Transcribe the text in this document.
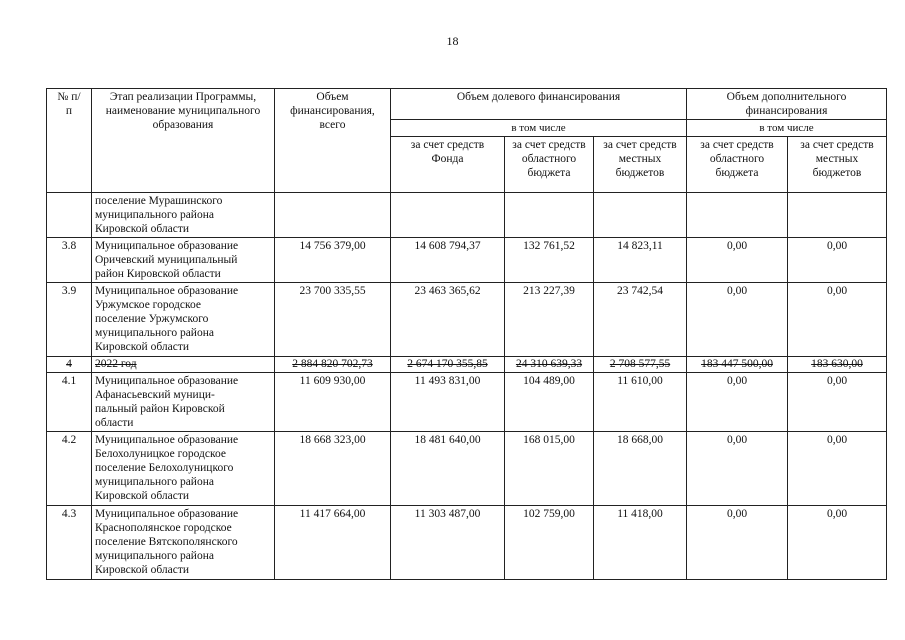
18
№ п/п	Этап реализации Программы, наименование муниципального образования	Объем финансирования, всего	Объем долевого финансирования			Объем дополнительного финансирования	
			в том числе			в том числе	
			за счет средств Фонда	за счет средств областного бюджета	за счет средств местных бюджетов	за счет средств областного бюджета	за счет средств местных бюджетов

	поселение Мурашинского
муниципального района
Кировской области						

3.8	Муниципальное образование
Оричевский муниципальный
район Кировской области	14 756 379,00	14 608 794,37	132 761,52	14 823,11	0,00	0,00
3.9	Муниципальное образование
Уржумское городское
поселение Уржумского
муниципального района
Кировской области	23 700 335,55	23 463 365,62	213 227,39	23 742,54	0,00	0,00
4	2022 год	2 884 820 702,73	2 674 170 355,85	24 310 639,33	2 708 577,55	183 447 500,00	183 630,00
4.1	Муниципальное образование
Афанасьевский муници-
пальный район Кировской
области	11 609 930,00	11 493 831,00	104 489,00	11 610,00	0,00	0,00
4.2	Муниципальное образование
Белохолуницкое городское
поселение Белохолуницкого
муниципального района
Кировской области	18 668 323,00	18 481 640,00	168 015,00	18 668,00	0,00	0,00
4.3	Муниципальное образование
Краснополянское городское
поселение Вятскополянского
муниципального района
Кировской области	11 417 664,00	11 303 487,00	102 759,00	11 418,00	0,00	0,00
